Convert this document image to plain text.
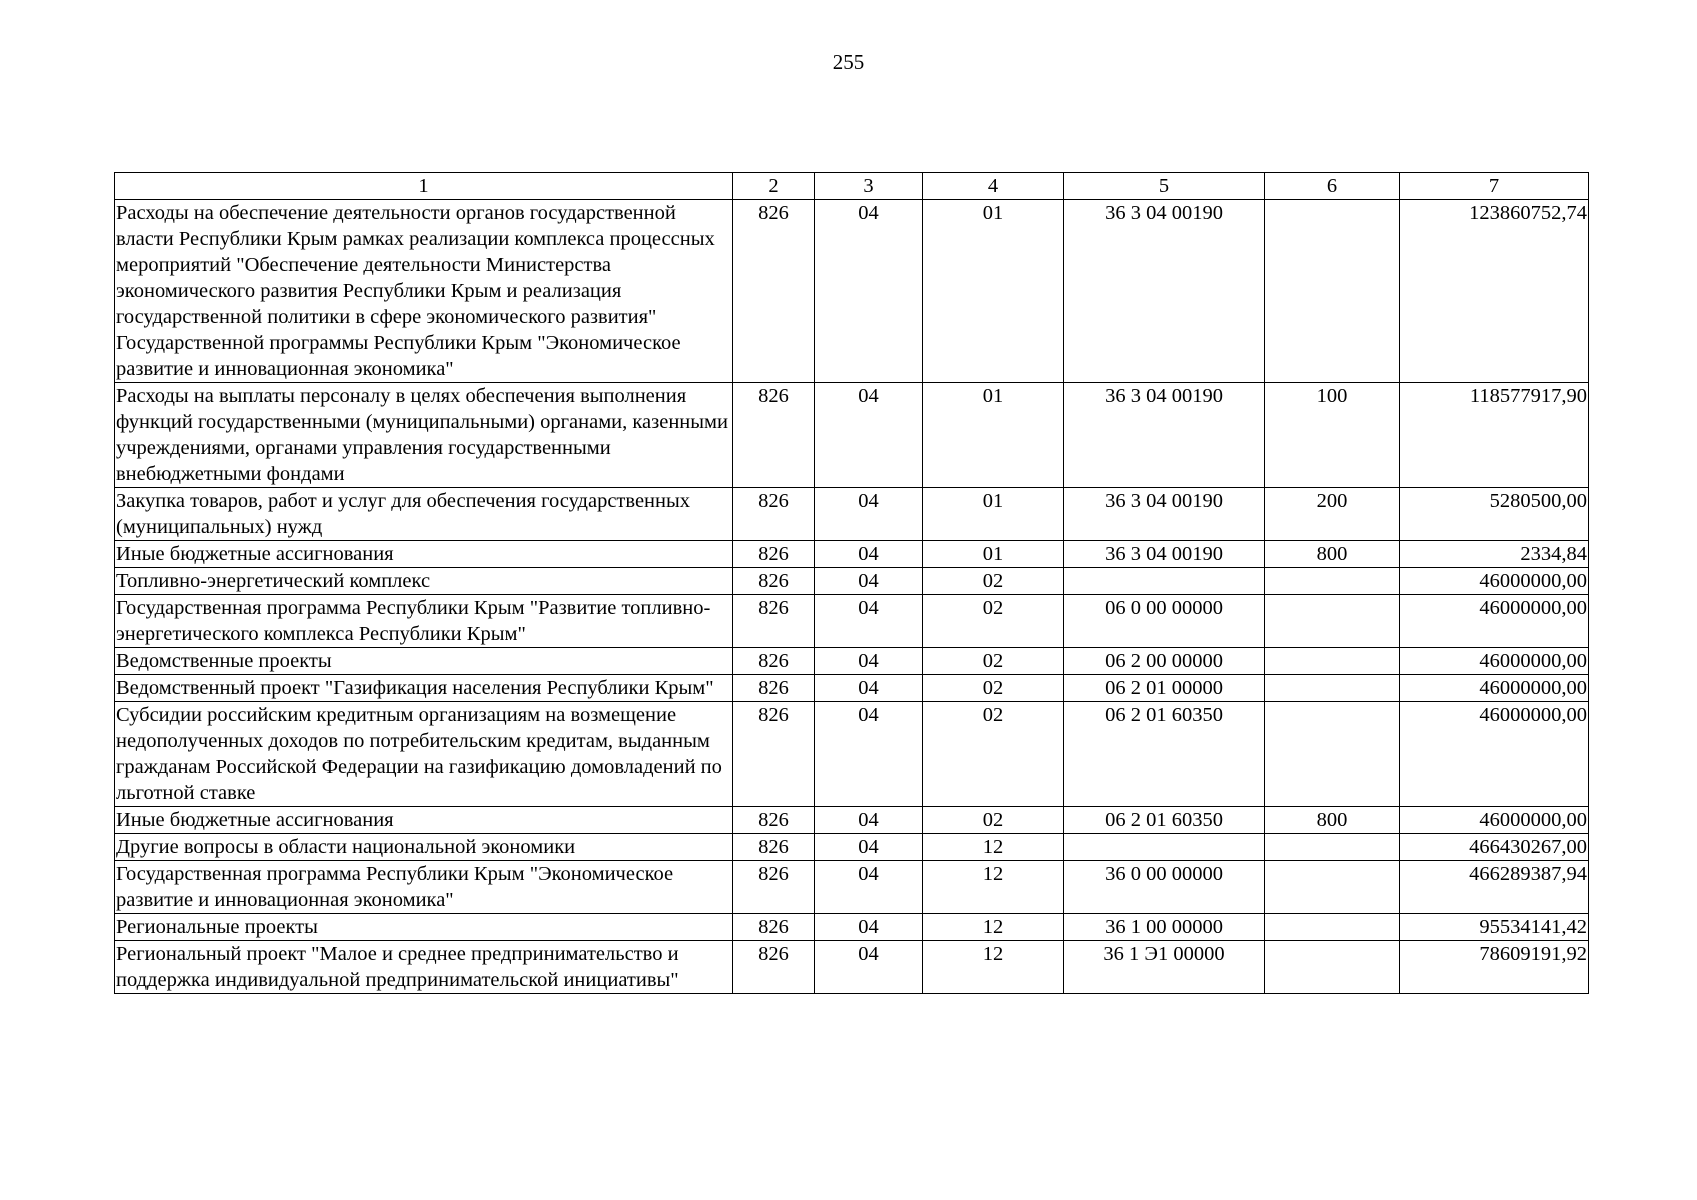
255
1	2	3	4	5	6	7
Расходы на обеспечение деятельности органов государственной власти Республики Крым рамках реализации комплекса процессных мероприятий "Обеспечение деятельности Министерства экономического развития Республики Крым и реализация государственной политики в сфере экономического развития" Государственной программы Республики Крым "Экономическое развитие и инновационная экономика"	826	04	01	36 3 04 00190		123860752,74
Расходы на выплаты персоналу в целях обеспечения выполнения функций государственными (муниципальными) органами, казенными учреждениями, органами управления государственными внебюджетными фондами	826	04	01	36 3 04 00190	100	118577917,90
Закупка товаров, работ и услуг для обеспечения государственных (муниципальных) нужд	826	04	01	36 3 04 00190	200	5280500,00
Иные бюджетные ассигнования	826	04	01	36 3 04 00190	800	2334,84
Топливно-энергетический комплекс	826	04	02			46000000,00
Государственная программа Республики Крым "Развитие топливно-энергетического комплекса Республики Крым"	826	04	02	06 0 00 00000		46000000,00
Ведомственные проекты	826	04	02	06 2 00 00000		46000000,00
Ведомственный проект "Газификация населения Республики Крым"	826	04	02	06 2 01 00000		46000000,00
Субсидии российским кредитным организациям на возмещение недополученных доходов по потребительским кредитам, выданным гражданам Российской Федерации на газификацию домовладений по льготной ставке	826	04	02	06 2 01 60350		46000000,00
Иные бюджетные ассигнования	826	04	02	06 2 01 60350	800	46000000,00
Другие вопросы в области национальной экономики	826	04	12			466430267,00
Государственная программа Республики Крым "Экономическое развитие и инновационная экономика"	826	04	12	36 0 00 00000		466289387,94
Региональные проекты	826	04	12	36 1 00 00000		95534141,42
Региональный проект "Малое и среднее предпринимательство и поддержка индивидуальной предпринимательской инициативы"	826	04	12	36 1 Э1 00000		78609191,92
